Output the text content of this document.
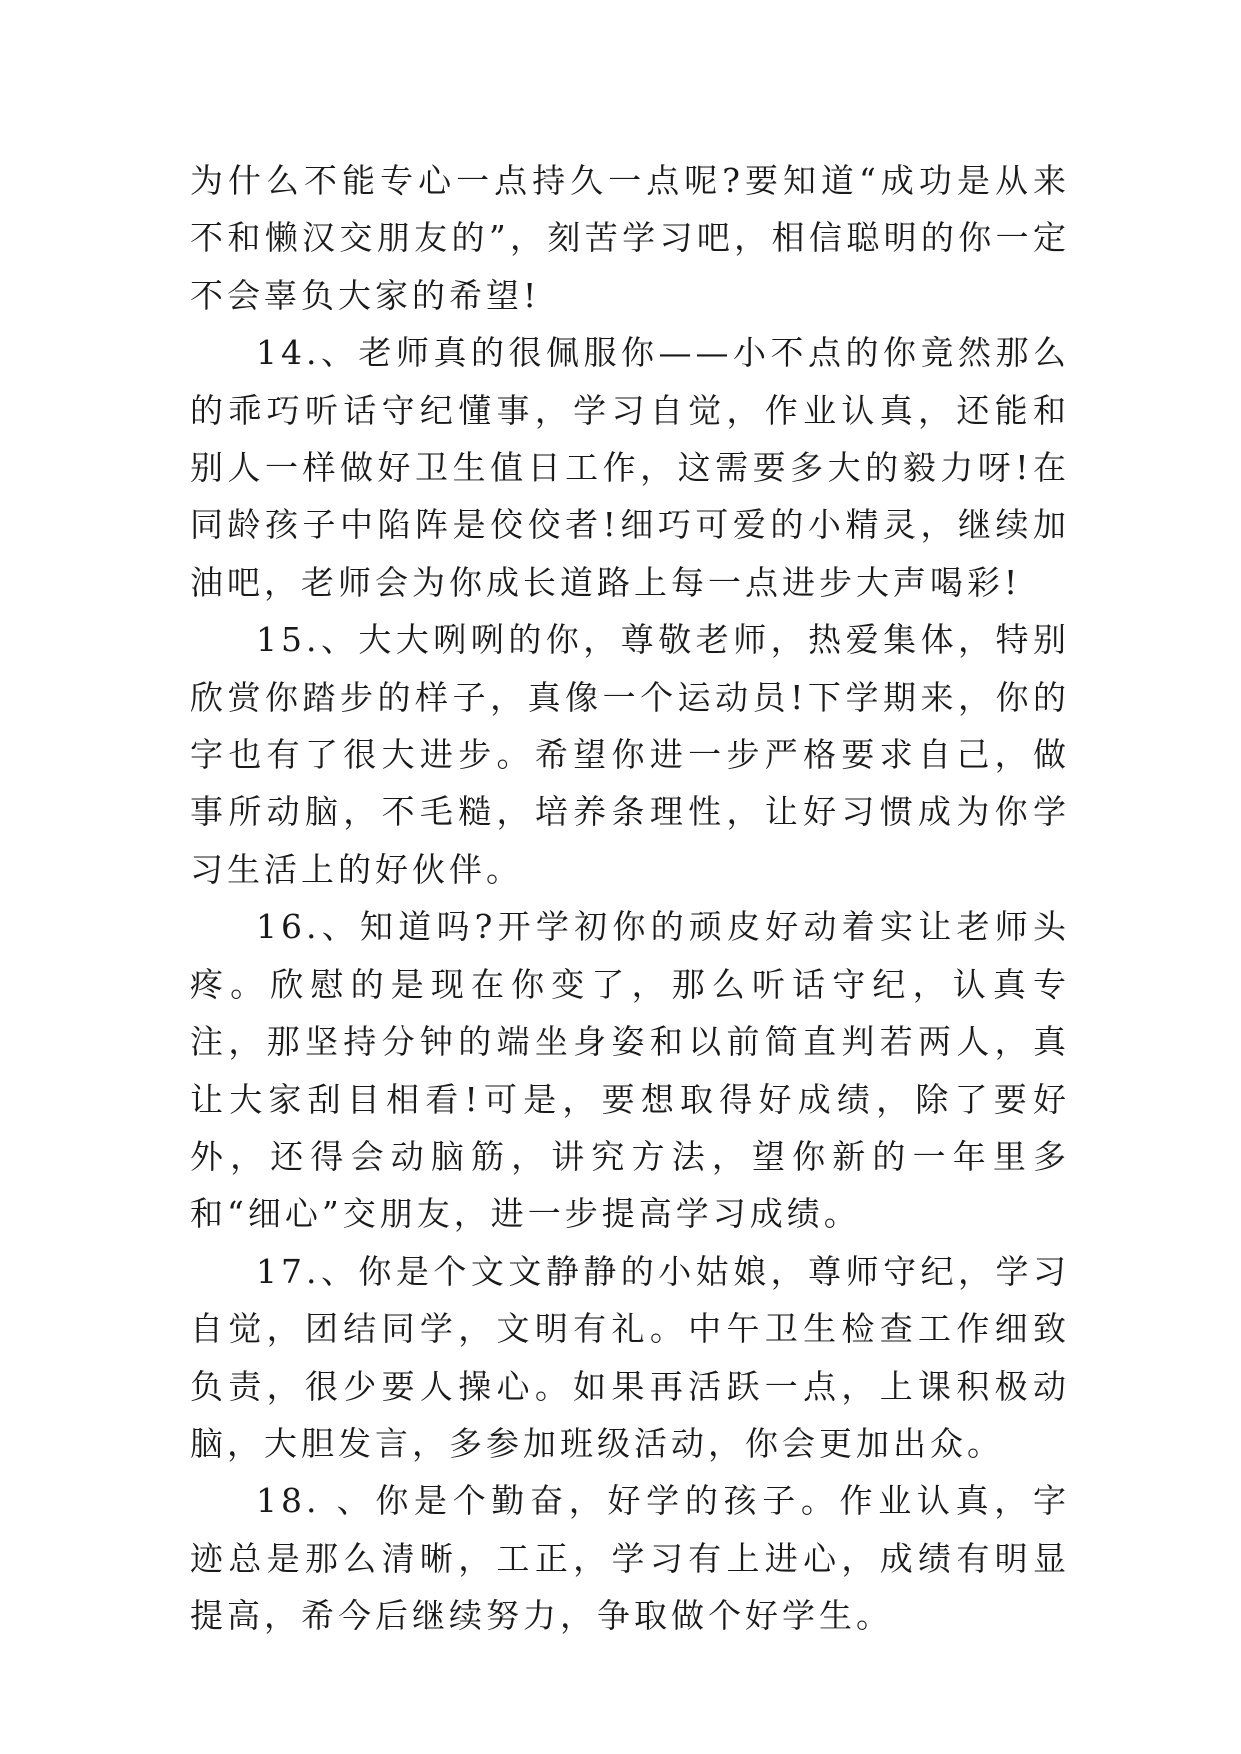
为什么不能专心一点持久一点呢?要知道“成功是从来不和懒汉交朋友的”，刻苦学习吧，相信聪明的你一定不会辜负大家的希望!

14.、老师真的很佩服你——小不点的你竟然那么的乖巧听话守纪懂事，学习自觉，作业认真，还能和别人一样做好卫生值日工作，这需要多大的毅力呀!在同龄孩子中陷阵是佼佼者!细巧可爱的小精灵，继续加油吧，老师会为你成长道路上每一点进步大声喝彩!

15.、大大咧咧的你，尊敬老师，热爱集体，特别欣赏你踏步的样子，真像一个运动员!下学期来，你的字也有了很大进步。希望你进一步严格要求自己，做事所动脑，不毛糙，培养条理性，让好习惯成为你学习生活上的好伙伴。

16.、知道吗?开学初你的顽皮好动着实让老师头疼。欣慰的是现在你变了，那么听话守纪，认真专注，那坚持分钟的端坐身姿和以前简直判若两人，真让大家刮目相看!可是，要想取得好成绩，除了要好外，还得会动脑筋，讲究方法，望你新的一年里多和“细心”交朋友，进一步提高学习成绩。

17.、你是个文文静静的小姑娘，尊师守纪，学习自觉，团结同学，文明有礼。中午卫生检查工作细致负责，很少要人操心。如果再活跃一点，上课积极动脑，大胆发言，多参加班级活动，你会更加出众。

18. 、你是个勤奋，好学的孩子。作业认真，字迹总是那么清晰，工正，学习有上进心，成绩有明显提高，希今后继续努力，争取做个好学生。
